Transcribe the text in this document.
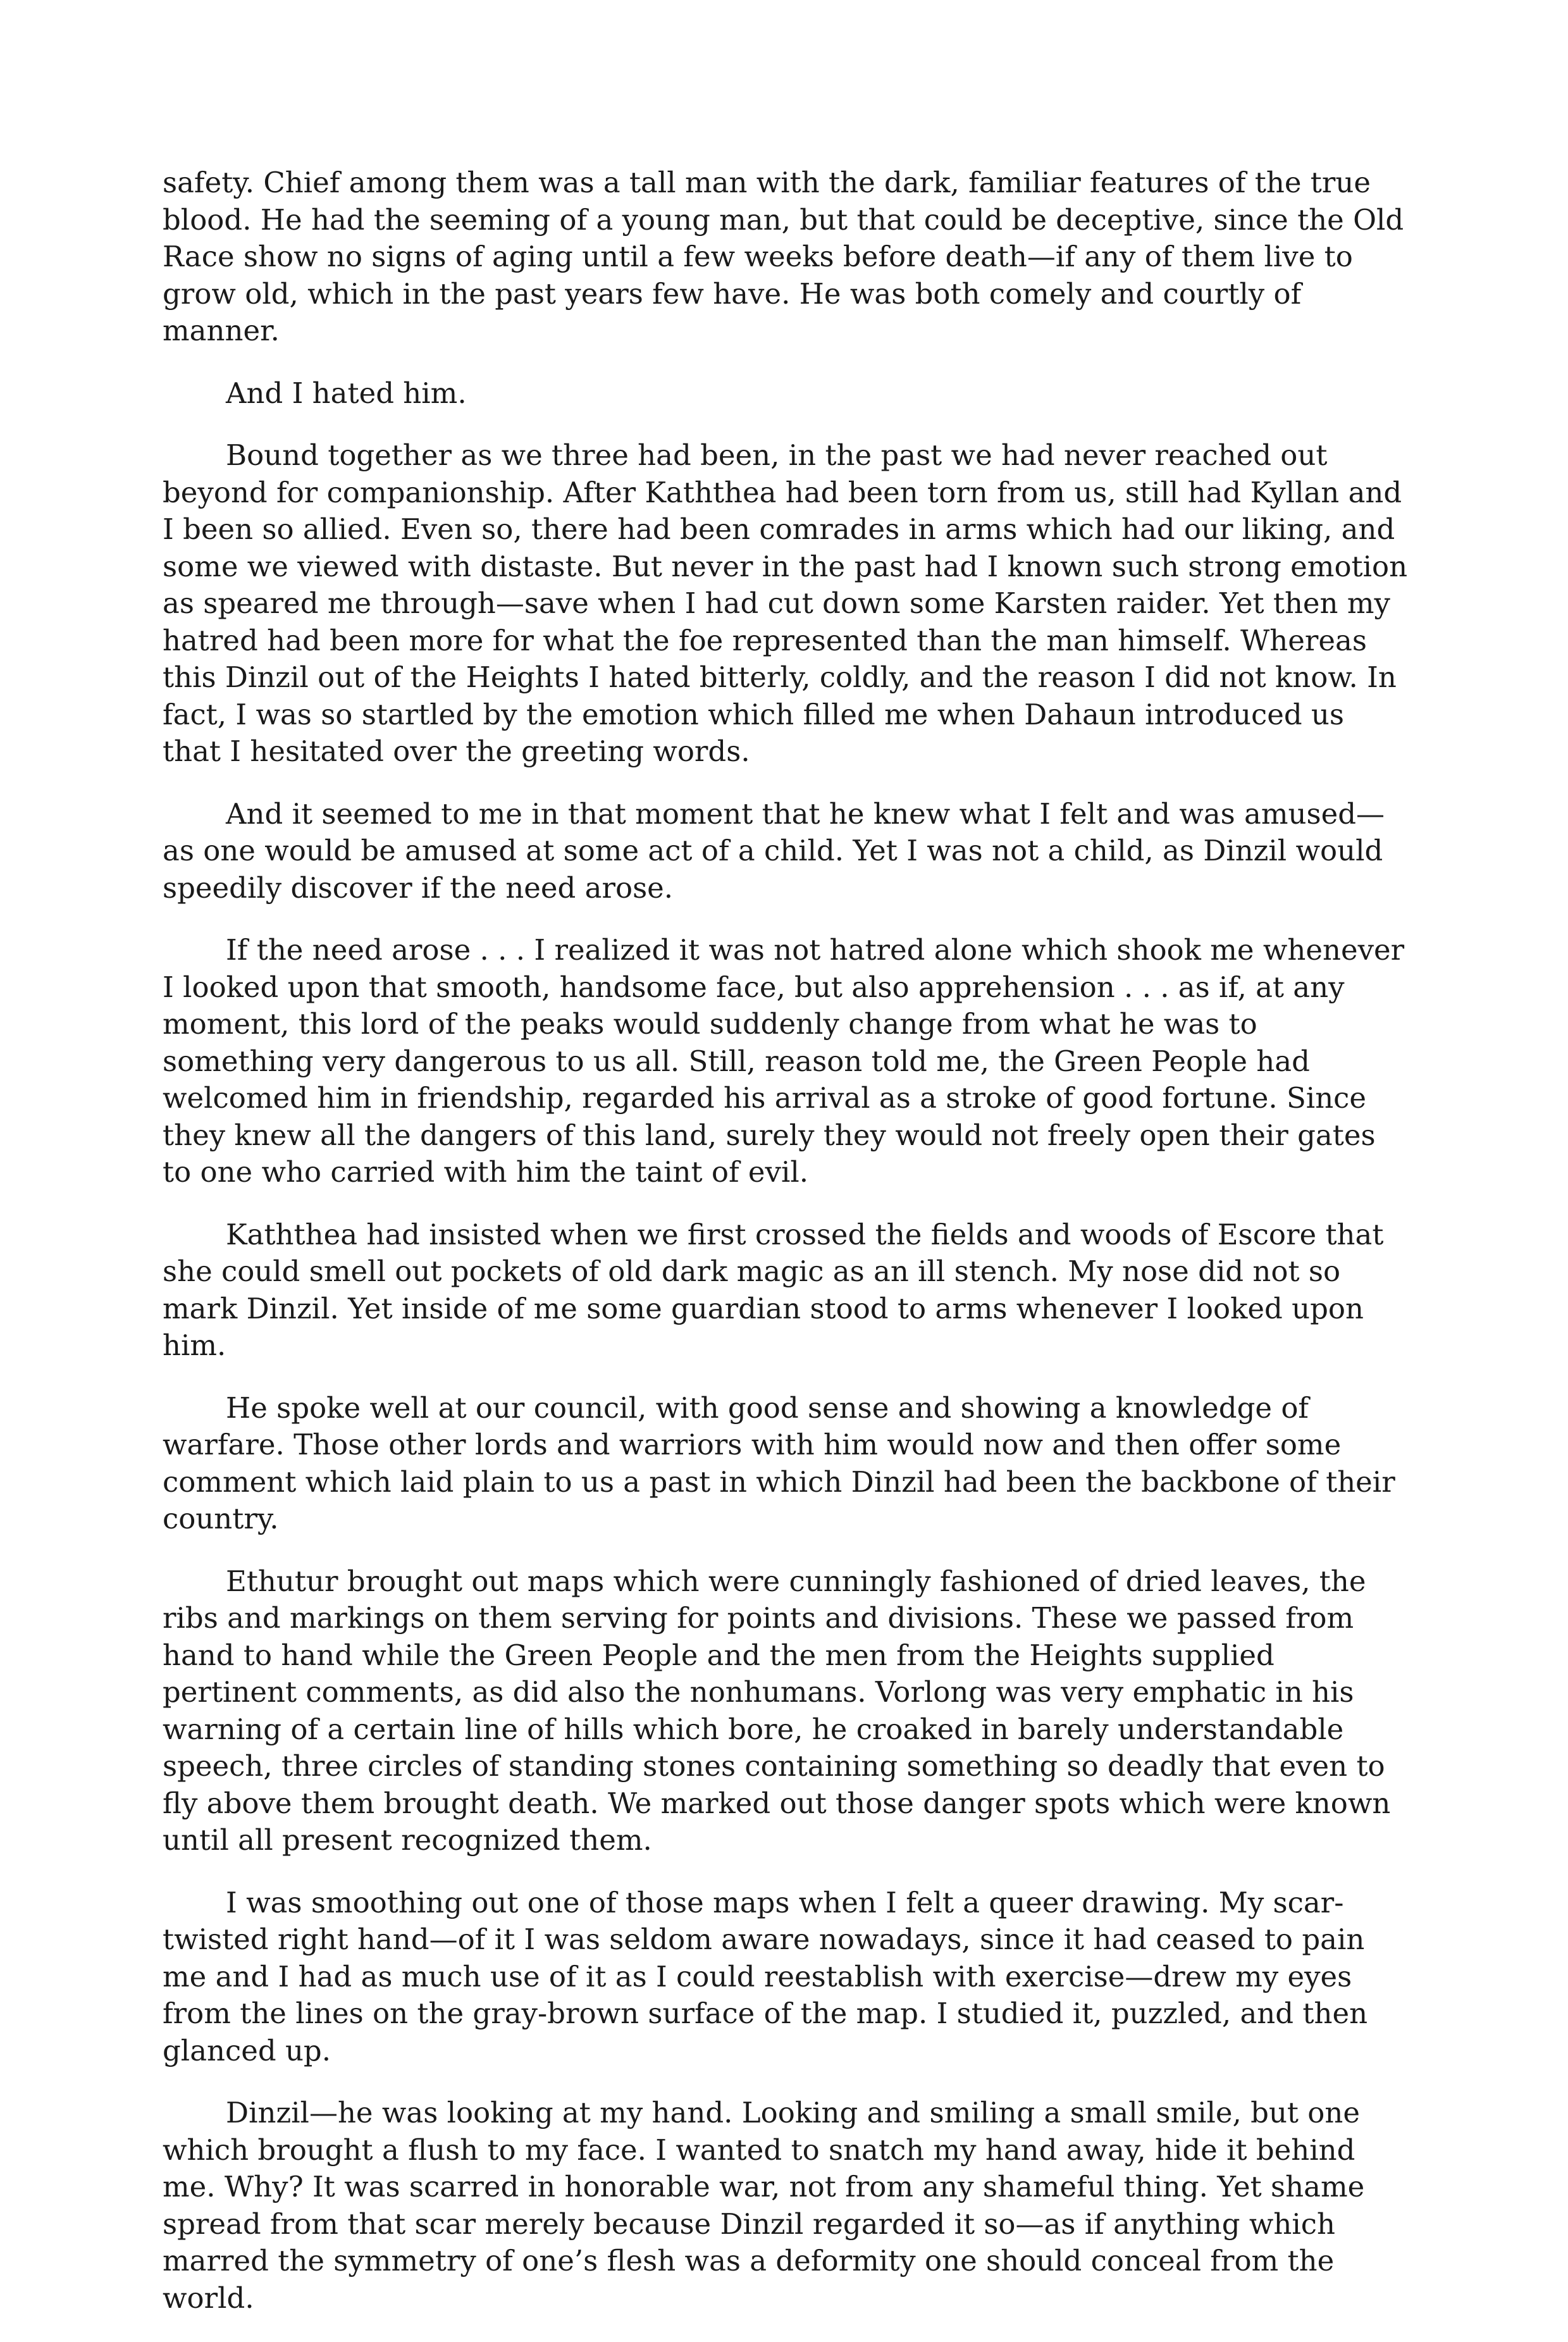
safety. Chief among them was a tall man with the dark, familiar features of the true blood. He had the seeming of a young man, but that could be deceptive, since the Old Race show no signs of aging until a few weeks before death—if any of them live to grow old, which in the past years few have. He was both comely and courtly of manner.

And I hated him.

Bound together as we three had been, in the past we had never reached out beyond for companionship. After Kaththea had been torn from us, still had Kyllan and I been so allied. Even so, there had been comrades in arms which had our liking, and some we viewed with distaste. But never in the past had I known such strong emotion as speared me through—save when I had cut down some Karsten raider. Yet then my hatred had been more for what the foe represented than the man himself. Whereas this Dinzil out of the Heights I hated bitterly, coldly, and the reason I did not know. In fact, I was so startled by the emotion which filled me when Dahaun introduced us that I hesitated over the greeting words.

And it seemed to me in that moment that he knew what I felt and was amused—as one would be amused at some act of a child. Yet I was not a child, as Dinzil would speedily discover if the need arose.

If the need arose . . . I realized it was not hatred alone which shook me whenever I looked upon that smooth, handsome face, but also apprehension . . . as if, at any moment, this lord of the peaks would suddenly change from what he was to something very dangerous to us all. Still, reason told me, the Green People had welcomed him in friendship, regarded his arrival as a stroke of good fortune. Since they knew all the dangers of this land, surely they would not freely open their gates to one who carried with him the taint of evil.

Kaththea had insisted when we first crossed the fields and woods of Escore that she could smell out pockets of old dark magic as an ill stench. My nose did not so mark Dinzil. Yet inside of me some guardian stood to arms whenever I looked upon him.

He spoke well at our council, with good sense and showing a knowledge of warfare. Those other lords and warriors with him would now and then offer some comment which laid plain to us a past in which Dinzil had been the backbone of their country.

Ethutur brought out maps which were cunningly fashioned of dried leaves, the ribs and markings on them serving for points and divisions. These we passed from hand to hand while the Green People and the men from the Heights supplied pertinent comments, as did also the nonhumans. Vorlong was very emphatic in his warning of a certain line of hills which bore, he croaked in barely understandable speech, three circles of standing stones containing something so deadly that even to fly above them brought death. We marked out those danger spots which were known until all present recognized them.

I was smoothing out one of those maps when I felt a queer drawing. My scar-twisted right hand—of it I was seldom aware nowadays, since it had ceased to pain me and I had as much use of it as I could reestablish with exercise—drew my eyes from the lines on the gray-brown surface of the map. I studied it, puzzled, and then glanced up.

Dinzil—he was looking at my hand. Looking and smiling a small smile, but one which brought a flush to my face. I wanted to snatch my hand away, hide it behind me. Why? It was scarred in honorable war, not from any shameful thing. Yet shame spread from that scar merely because Dinzil regarded it so—as if anything which marred the symmetry of one’s flesh was a deformity one should conceal from the world.
